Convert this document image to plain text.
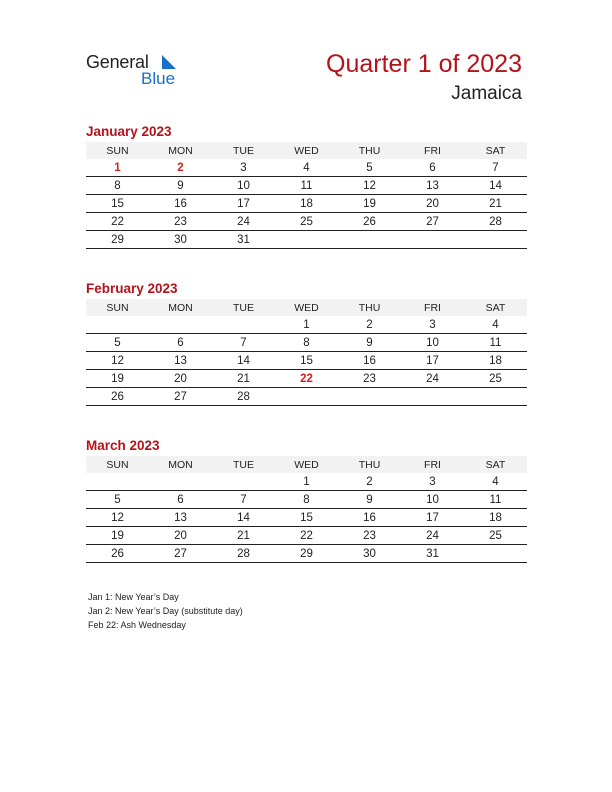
General
Blue
Quarter 1 of 2023
Jamaica
January 2023
SUN	MON	TUE	WED	THU	FRI	SAT
1	2	3	4	5	6	7
8	9	10	11	12	13	14
15	16	17	18	19	20	21
22	23	24	25	26	27	28
29	30	31				
February 2023
SUN	MON	TUE	WED	THU	FRI	SAT
			1	2	3	4
5	6	7	8	9	10	11
12	13	14	15	16	17	18
19	20	21	22	23	24	25
26	27	28				
March 2023
SUN	MON	TUE	WED	THU	FRI	SAT
			1	2	3	4
5	6	7	8	9	10	11
12	13	14	15	16	17	18
19	20	21	22	23	24	25
26	27	28	29	30	31	
Jan 1: New Year’s Day
Jan 2: New Year’s Day (substitute day)
Feb 22: Ash Wednesday
